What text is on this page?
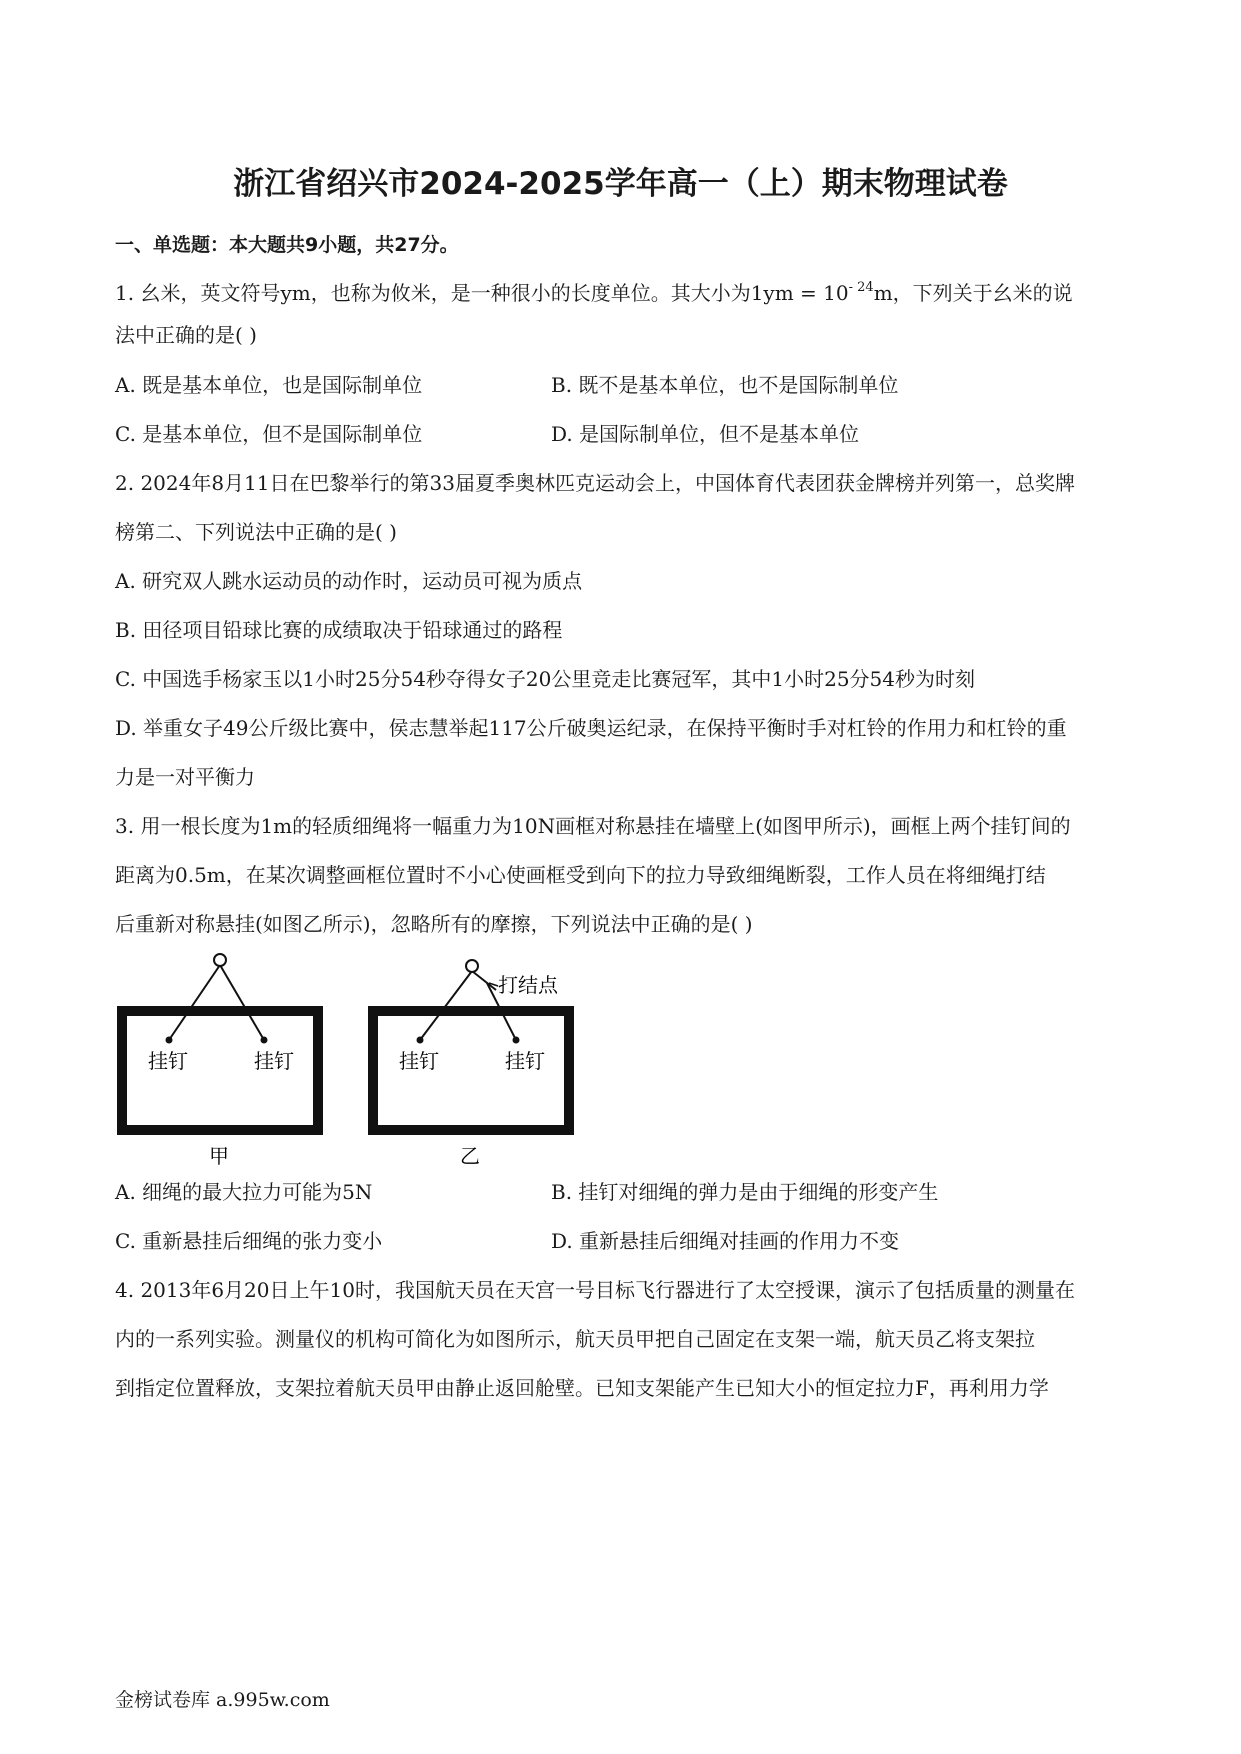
浙江省绍兴市2024-2025学年高一（上）期末物理试卷
一、单选题：本大题共9小题，共27分。
1. 幺米，英文符号ym，也称为攸米，是一种很小的长度单位。其大小为$1ym = 10^{- 24}m$，下列关于幺米的说
法中正确的是( )
A. 既是基本单位，也是国际制单位	B. 既不是基本单位，也不是国际制单位
C. 是基本单位，但不是国际制单位	D. 是国际制单位，但不是基本单位
2. 2024年8月11日在巴黎举行的第33届夏季奥林匹克运动会上，中国体育代表团获金牌榜并列第一，总奖牌
榜第二、下列说法中正确的是( )
A. 研究双人跳水运动员的动作时，运动员可视为质点
B. 田径项目铅球比赛的成绩取决于铅球通过的路程
C. 中国选手杨家玉以1小时25分54秒夺得女子20公里竞走比赛冠军，其中1小时25分54秒为时刻
D. 举重女子49公斤级比赛中，侯志慧举起117公斤破奥运纪录，在保持平衡时手对杠铃的作用力和杠铃的重
力是一对平衡力
3. 用一根长度为1m的轻质细绳将一幅重力为10N画框对称悬挂在墙壁上(如图甲所示)，画框上两个挂钉间的
距离为0.5m，在某次调整画框位置时不小心使画框受到向下的拉力导致细绳断裂，工作人员在将细绳打结
后重新对称悬挂(如图乙所示)，忽略所有的摩擦，下列说法中正确的是( )
挂钉	挂钉
甲
打结点
挂钉	挂钉
乙
A. 细绳的最大拉力可能为5N	B. 挂钉对细绳的弹力是由于细绳的形变产生
C. 重新悬挂后细绳的张力变小	D. 重新悬挂后细绳对挂画的作用力不变
4. 2013年6月20日上午10时，我国航天员在天宫一号目标飞行器进行了太空授课，演示了包括质量的测量在
内的一系列实验。测量仪的机构可简化为如图所示，航天员甲把自己固定在支架一端，航天员乙将支架拉
到指定位置释放，支架拉着航天员甲由静止返回舱壁。已知支架能产生已知大小的恒定拉力F，再利用力学
金榜试卷库 a.995w.com
